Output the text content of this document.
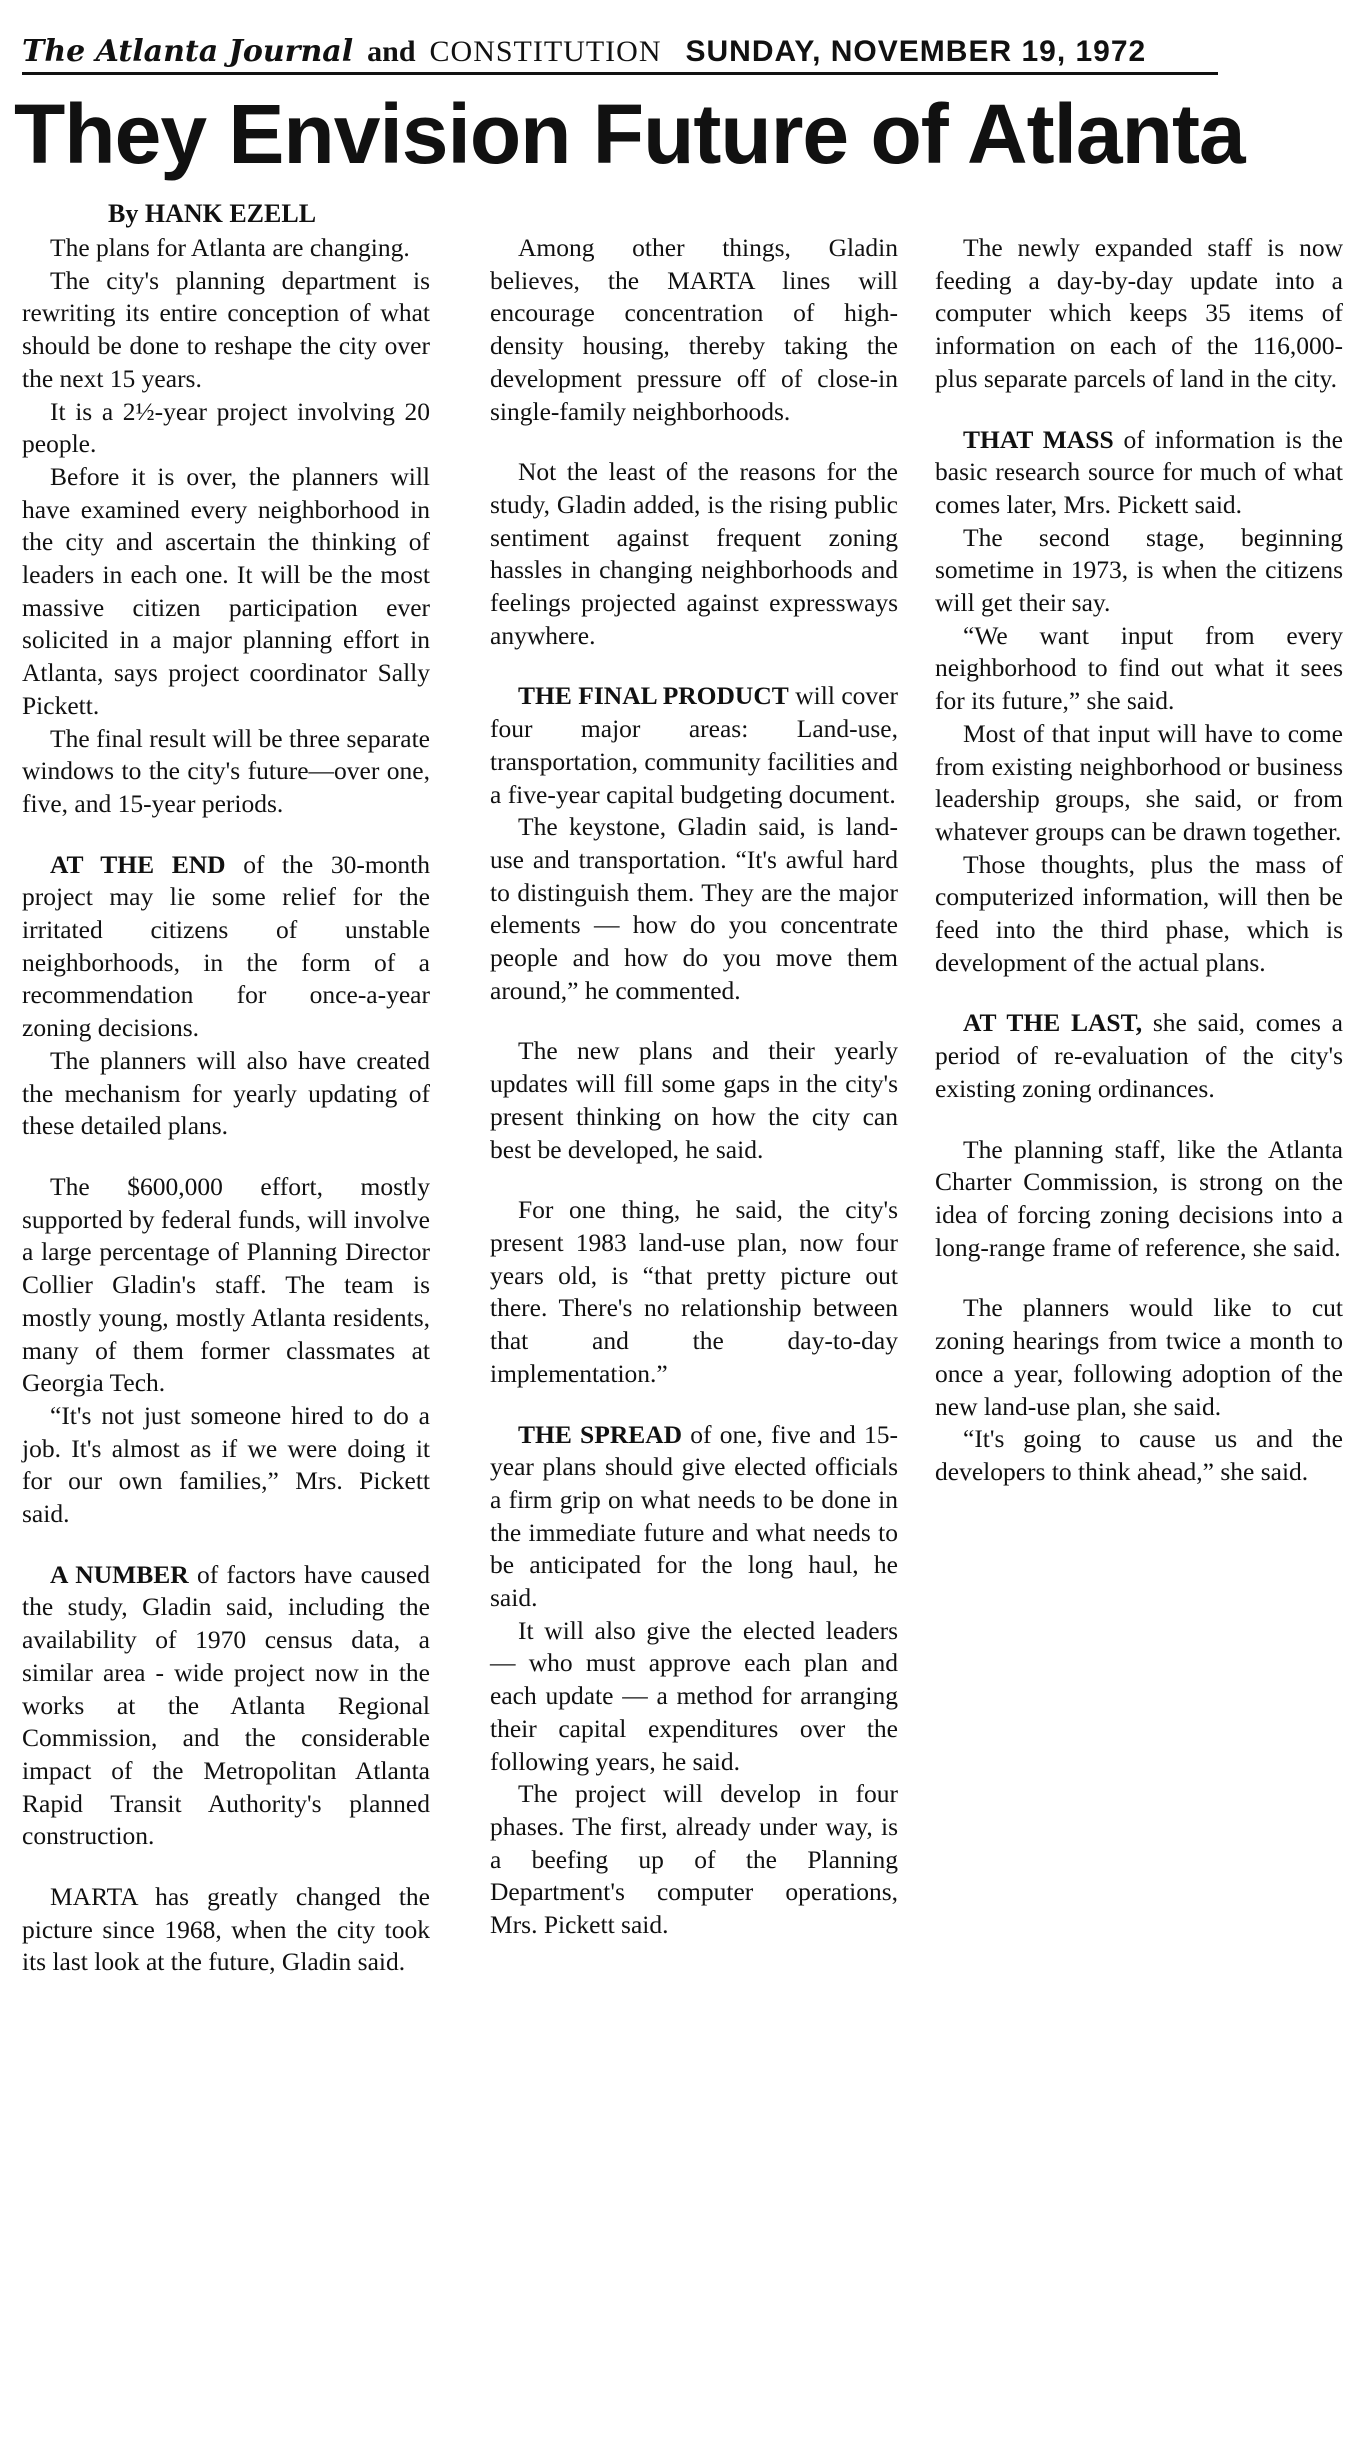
The Atlanta Journal and CONSTITUTION SUNDAY, NOVEMBER 19, 1972
They Envision Future of Atlanta
By HANK EZELL

The plans for Atlanta are changing.

The city's planning department is rewriting its entire conception of what should be done to reshape the city over the next 15 years.

It is a 2½-year project involving 20 people.

Before it is over, the planners will have examined every neighborhood in the city and ascertain the thinking of leaders in each one. It will be the most massive citizen participation ever solicited in a major planning effort in Atlanta, says project coordinator Sally Pickett.

The final result will be three separate windows to the city's future—over one, five, and 15-year periods.

AT THE END of the 30-month project may lie some relief for the irritated citizens of unstable neighborhoods, in the form of a recommendation for once-a-year zoning decisions.

The planners will also have created the mechanism for yearly updating of these detailed plans.

The $600,000 effort, mostly supported by federal funds, will involve a large percentage of Planning Director Collier Gladin's staff. The team is mostly young, mostly Atlanta residents, many of them former classmates at Georgia Tech.

“It's not just someone hired to do a job. It's almost as if we were doing it for our own families,” Mrs. Pickett said.

A NUMBER of factors have caused the study, Gladin said, including the availability of 1970 census data, a similar area - wide project now in the works at the Atlanta Regional Commission, and the considerable impact of the Metropolitan Atlanta Rapid Transit Authority's planned construction.

MARTA has greatly changed the picture since 1968, when the city took its last look at the future, Gladin said.

Among other things, Gladin believes, the MARTA lines will encourage concentration of high-density housing, thereby taking the development pressure off of close-in single-family neighborhoods.

Not the least of the reasons for the study, Gladin added, is the rising public sentiment against frequent zoning hassles in changing neighborhoods and feelings projected against expressways anywhere.

THE FINAL PRODUCT will cover four major areas: Land-use, transportation, community facilities and a five-year capital budgeting document.

The keystone, Gladin said, is land-use and transportation. “It's awful hard to distinguish them. They are the major elements — how do you concentrate people and how do you move them around,” he commented.

The new plans and their yearly updates will fill some gaps in the city's present thinking on how the city can best be developed, he said.

For one thing, he said, the city's present 1983 land-use plan, now four years old, is “that pretty picture out there. There's no relationship between that and the day-to-day implementation.”

THE SPREAD of one, five and 15-year plans should give elected officials a firm grip on what needs to be done in the immediate future and what needs to be anticipated for the long haul, he said.

It will also give the elected leaders — who must approve each plan and each update — a method for arranging their capital expenditures over the following years, he said.

The project will develop in four phases. The first, already under way, is a beefing up of the Planning Department's computer operations, Mrs. Pickett said.

The newly expanded staff is now feeding a day-by-day update into a computer which keeps 35 items of information on each of the 116,000-plus separate parcels of land in the city.

THAT MASS of information is the basic research source for much of what comes later, Mrs. Pickett said.

The second stage, beginning sometime in 1973, is when the citizens will get their say.

“We want input from every neighborhood to find out what it sees for its future,” she said.

Most of that input will have to come from existing neighborhood or business leadership groups, she said, or from whatever groups can be drawn together.

Those thoughts, plus the mass of computerized information, will then be feed into the third phase, which is development of the actual plans.

AT THE LAST, she said, comes a period of re-evaluation of the city's existing zoning ordinances.

The planning staff, like the Atlanta Charter Commission, is strong on the idea of forcing zoning decisions into a long-range frame of reference, she said.

The planners would like to cut zoning hearings from twice a month to once a year, following adoption of the new land-use plan, she said.

“It's going to cause us and the developers to think ahead,” she said.
